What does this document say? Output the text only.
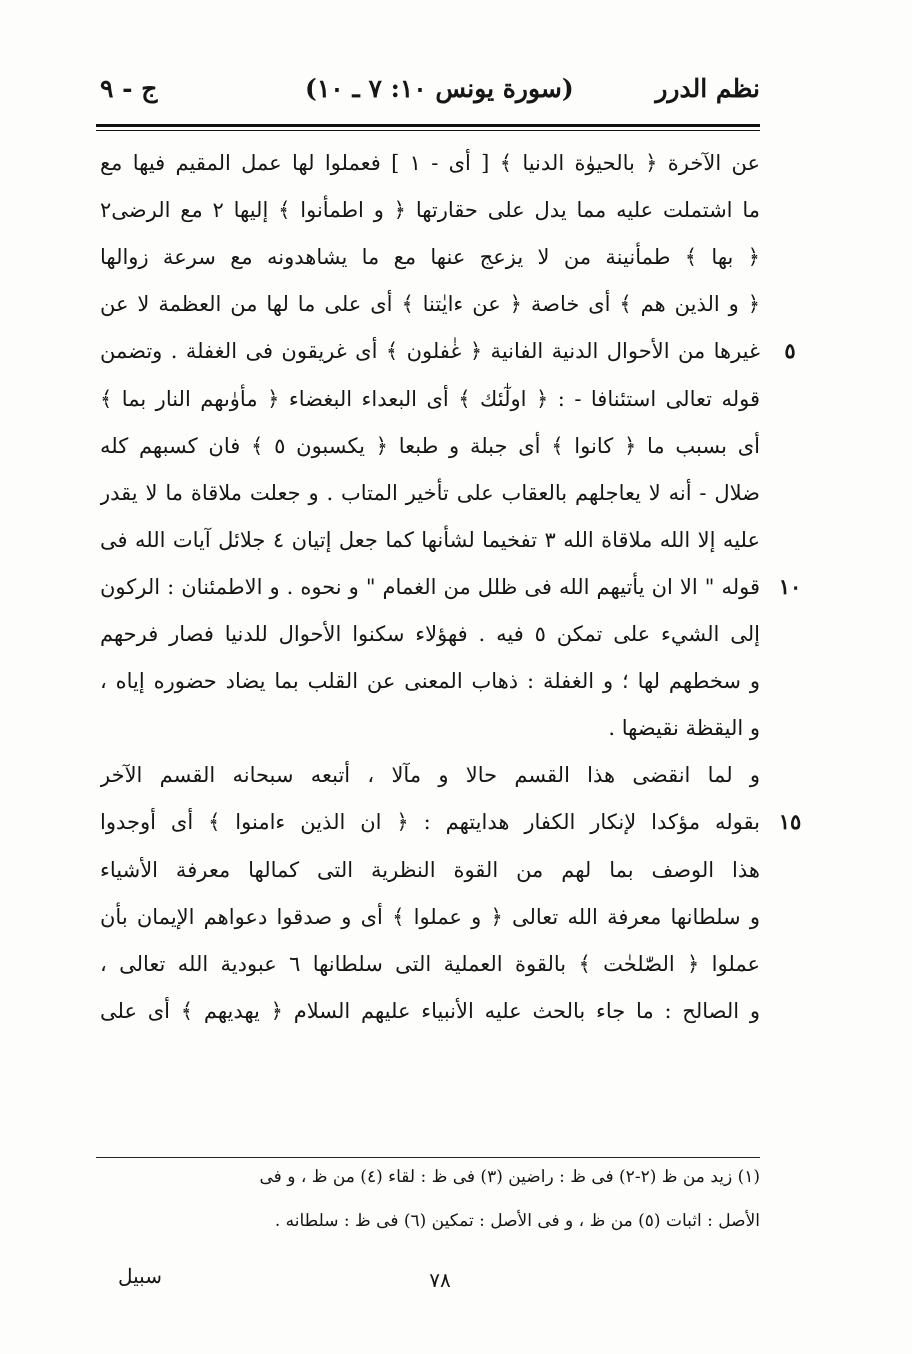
نظم الدرر
(سورة يونس ١٠: ٧ ـ ١٠)
ج - ٩
عن الآخرة ﴿ بالحيوٰة الدنيا ﴾ [ أى - ١ ] فعملوا لها عمل المقيم فيها مع
ما اشتملت عليه مما يدل على حقارتها ﴿ و اطمأنوا ﴾ إليها ٢ مع الرضى٢
﴿ بها ﴾ طمأنينة من لا يزعج عنها مع ما يشاهدونه مع سرعة زوالها
﴿ و الذين هم ﴾ أى خاصة ﴿ عن ءايٰتنا ﴾ أى على ما لها من العظمة لا عن
غيرها من الأحوال الدنية الفانية ﴿ غٰفلون ﴾ أى غريقون فى الغفلة . وتضمن	٥
قوله تعالى استئنافا - : ﴿ اولٰٓئك ﴾ أى البعداء البغضاء ﴿ مأوٰىهم النار بما ﴾
أى بسبب ما ﴿ كانوا ﴾ أى جبلة و طبعا ﴿ يكسبون ٥ ﴾ فان كسبهم كله
ضلال - أنه لا يعاجلهم بالعقاب على تأخير المتاب . و جعلت ملاقاة ما لا يقدر
عليه إلا الله ملاقاة الله ٣ تفخيما لشأنها كما جعل إتيان ٤ جلائل آيات الله فى
قوله " الا ان يأتيهم الله فى ظلل من الغمام " و نحوه . و الاطمئنان : الركون ١٠
إلى الشيء على تمكن ٥ فيه . فهؤلاء سكنوا الأحوال للدنيا فصار فرحهم
و سخطهم لها ؛ و الغفلة : ذهاب المعنى عن القلب بما يضاد حضوره إياه ،
و اليقظة نقيضها .
و لما انقضى هذا القسم حالا و مآلا ، أتبعه سبحانه القسم الآخر
بقوله مؤكدا لإنكار الكفار هدايتهم : ﴿ ان الذين ءامنوا ﴾ أى أوجدوا ١٥
هذا الوصف بما لهم من القوة النظرية التى كمالها معرفة الأشياء
و سلطانها معرفة الله تعالى ﴿ و عملوا ﴾ أى و صدقوا دعواهم الإيمان بأن
عملوا ﴿ الصّٰلحٰت ﴾ بالقوة العملية التى سلطانها ٦ عبودية الله تعالى ،
و الصالح : ما جاء بالحث عليه الأنبياء عليهم السلام ﴿ يهديهم ﴾ أى على
(١) زيد من ظ (٢-٢) فى ظ : راضين (٣) فى ظ : لقاء (٤) من ظ ، و فى
الأصل : اثبات (٥) من ظ ، و فى الأصل : تمكين (٦) فى ظ : سلطانه .
٧٨
سبيل
